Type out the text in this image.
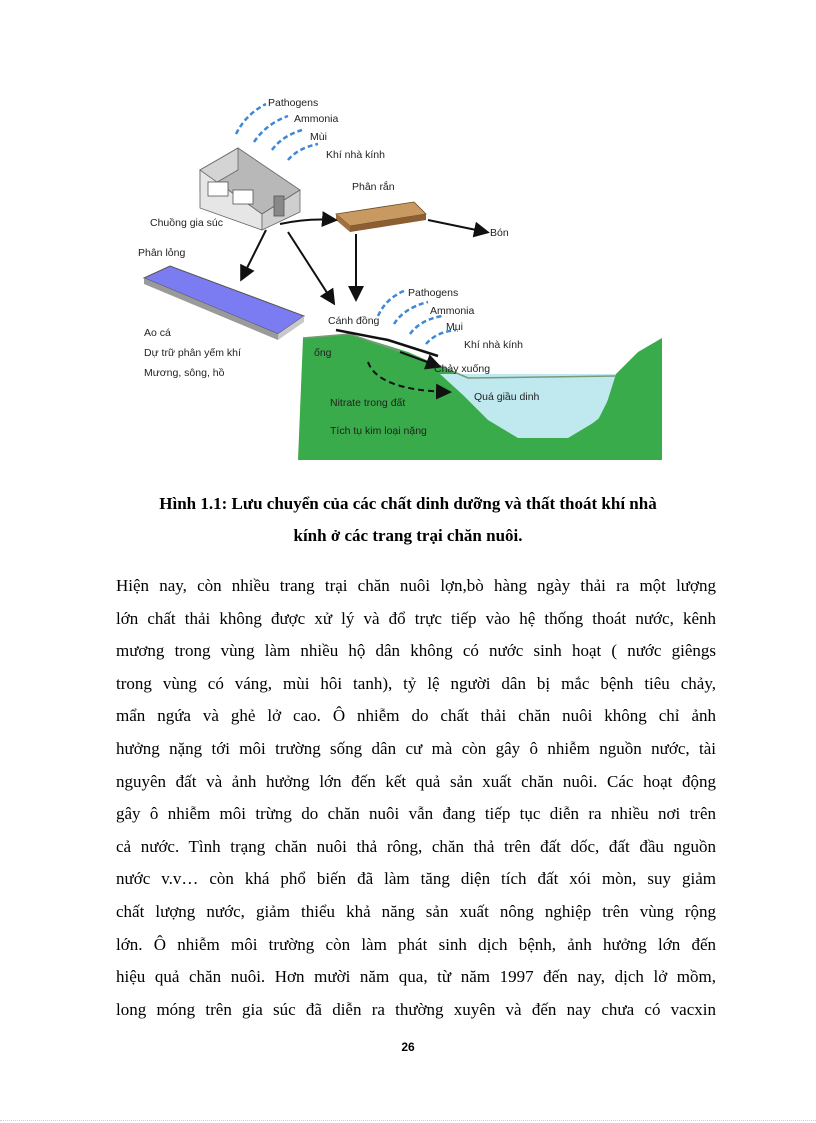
Pathogens
Ammonia
Mùi
Khí nhà kính
Chuồng gia súc
Phân rắn
Bón
Phân lỏng
Ao cá
Dự trữ phân yếm khí
Mương, sông, hồ
Cánh đồng
Pathogens
Ammonia
Mụi
Khí nhà kính
ống
Chảy xuống
Quá giầu dinh
Nitrate trong đất
Tích tụ kim loại nặng
Hình 1.1: Lưu chuyển của các chất dinh dưỡng và thất thoát khí nhà
kính ở các trang trại chăn nuôi.
Hiện nay, còn nhiều trang trại chăn nuôi lợn,bò hàng ngày thải ra một lượng
lớn chất thải không được xử lý và đổ trực tiếp vào hệ thống thoát nước, kênh
mương trong vùng làm nhiều hộ dân không có nước sinh hoạt ( nước giêngs
trong vùng có váng, mùi hôi tanh), tỷ lệ người dân bị mắc bệnh tiêu chảy,
mẩn ngứa và ghẻ lở cao. Ô nhiễm do chất thải chăn nuôi không chỉ ảnh
hưởng nặng tới môi trường sống dân cư mà còn gây ô nhiễm nguồn nước, tài
nguyên đất và ảnh hưởng lớn đến kết quả sản xuất chăn nuôi. Các hoạt động
gây ô nhiễm môi trừng do chăn nuôi vẫn đang tiếp tục diễn ra nhiều nơi trên
cả nước. Tình trạng chăn nuôi thả rông, chăn thả trên đất dốc, đất đầu nguồn
nước v.v… còn khá phổ biến đã làm tăng diện tích đất xói mòn, suy giảm
chất lượng nước, giảm thiểu khả năng sản xuất nông nghiệp trên vùng rộng
lớn. Ô nhiễm môi trường còn làm phát sinh dịch bệnh, ảnh hưởng lớn đến
hiệu quả chăn nuôi. Hơn mười năm qua, từ năm 1997 đến nay, dịch lở mồm,
long móng trên gia súc đã diễn ra thường xuyên và đến nay chưa có vacxin
26
